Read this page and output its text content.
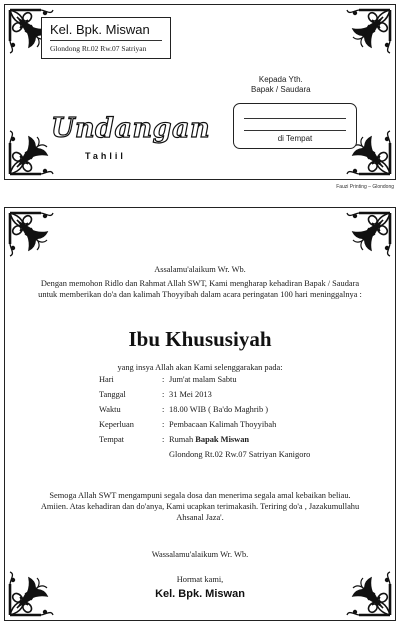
Kel. Bpk. Miswan
Glondong Rt.02 Rw.07 Satriyan
Undangan
Tahlil
Kepada Yth.
Bapak / Saudara
di Tempat
Fauzi Printing – Glondong
Assalamu'alaikum Wr. Wb.
Dengan memohon Ridlo dan Rahmat Allah SWT, Kami mengharap kehadiran Bapak / Saudara untuk memberikan do'a dan kalimah Thoyyibah dalam acara peringatan 100 hari meninggalnya :
Ibu Khususiyah
yang insya Allah akan Kami selenggarakan pada:
Hari	: Jum'at malam Sabtu
Tanggal	: 31 Mei 2013
Waktu	: 18.00 WIB ( Ba'do Maghrib )
Keperluan	: Pembacaan Kalimah Thoyyibah
Tempat	: Rumah Bapak Miswan
Glondong Rt.02 Rw.07 Satriyan Kanigoro
Semoga Allah SWT mengampuni segala dosa dan menerima segala amal kebaikan beliau. Amiien. Atas kehadiran dan do'anya, Kami ucapkan terimakasih. Teriring do'a , Jazakumullahu Ahsanal Jaza'.
Wassalamu'alaikum Wr. Wb.
Hormat kami,
Kel. Bpk. Miswan
